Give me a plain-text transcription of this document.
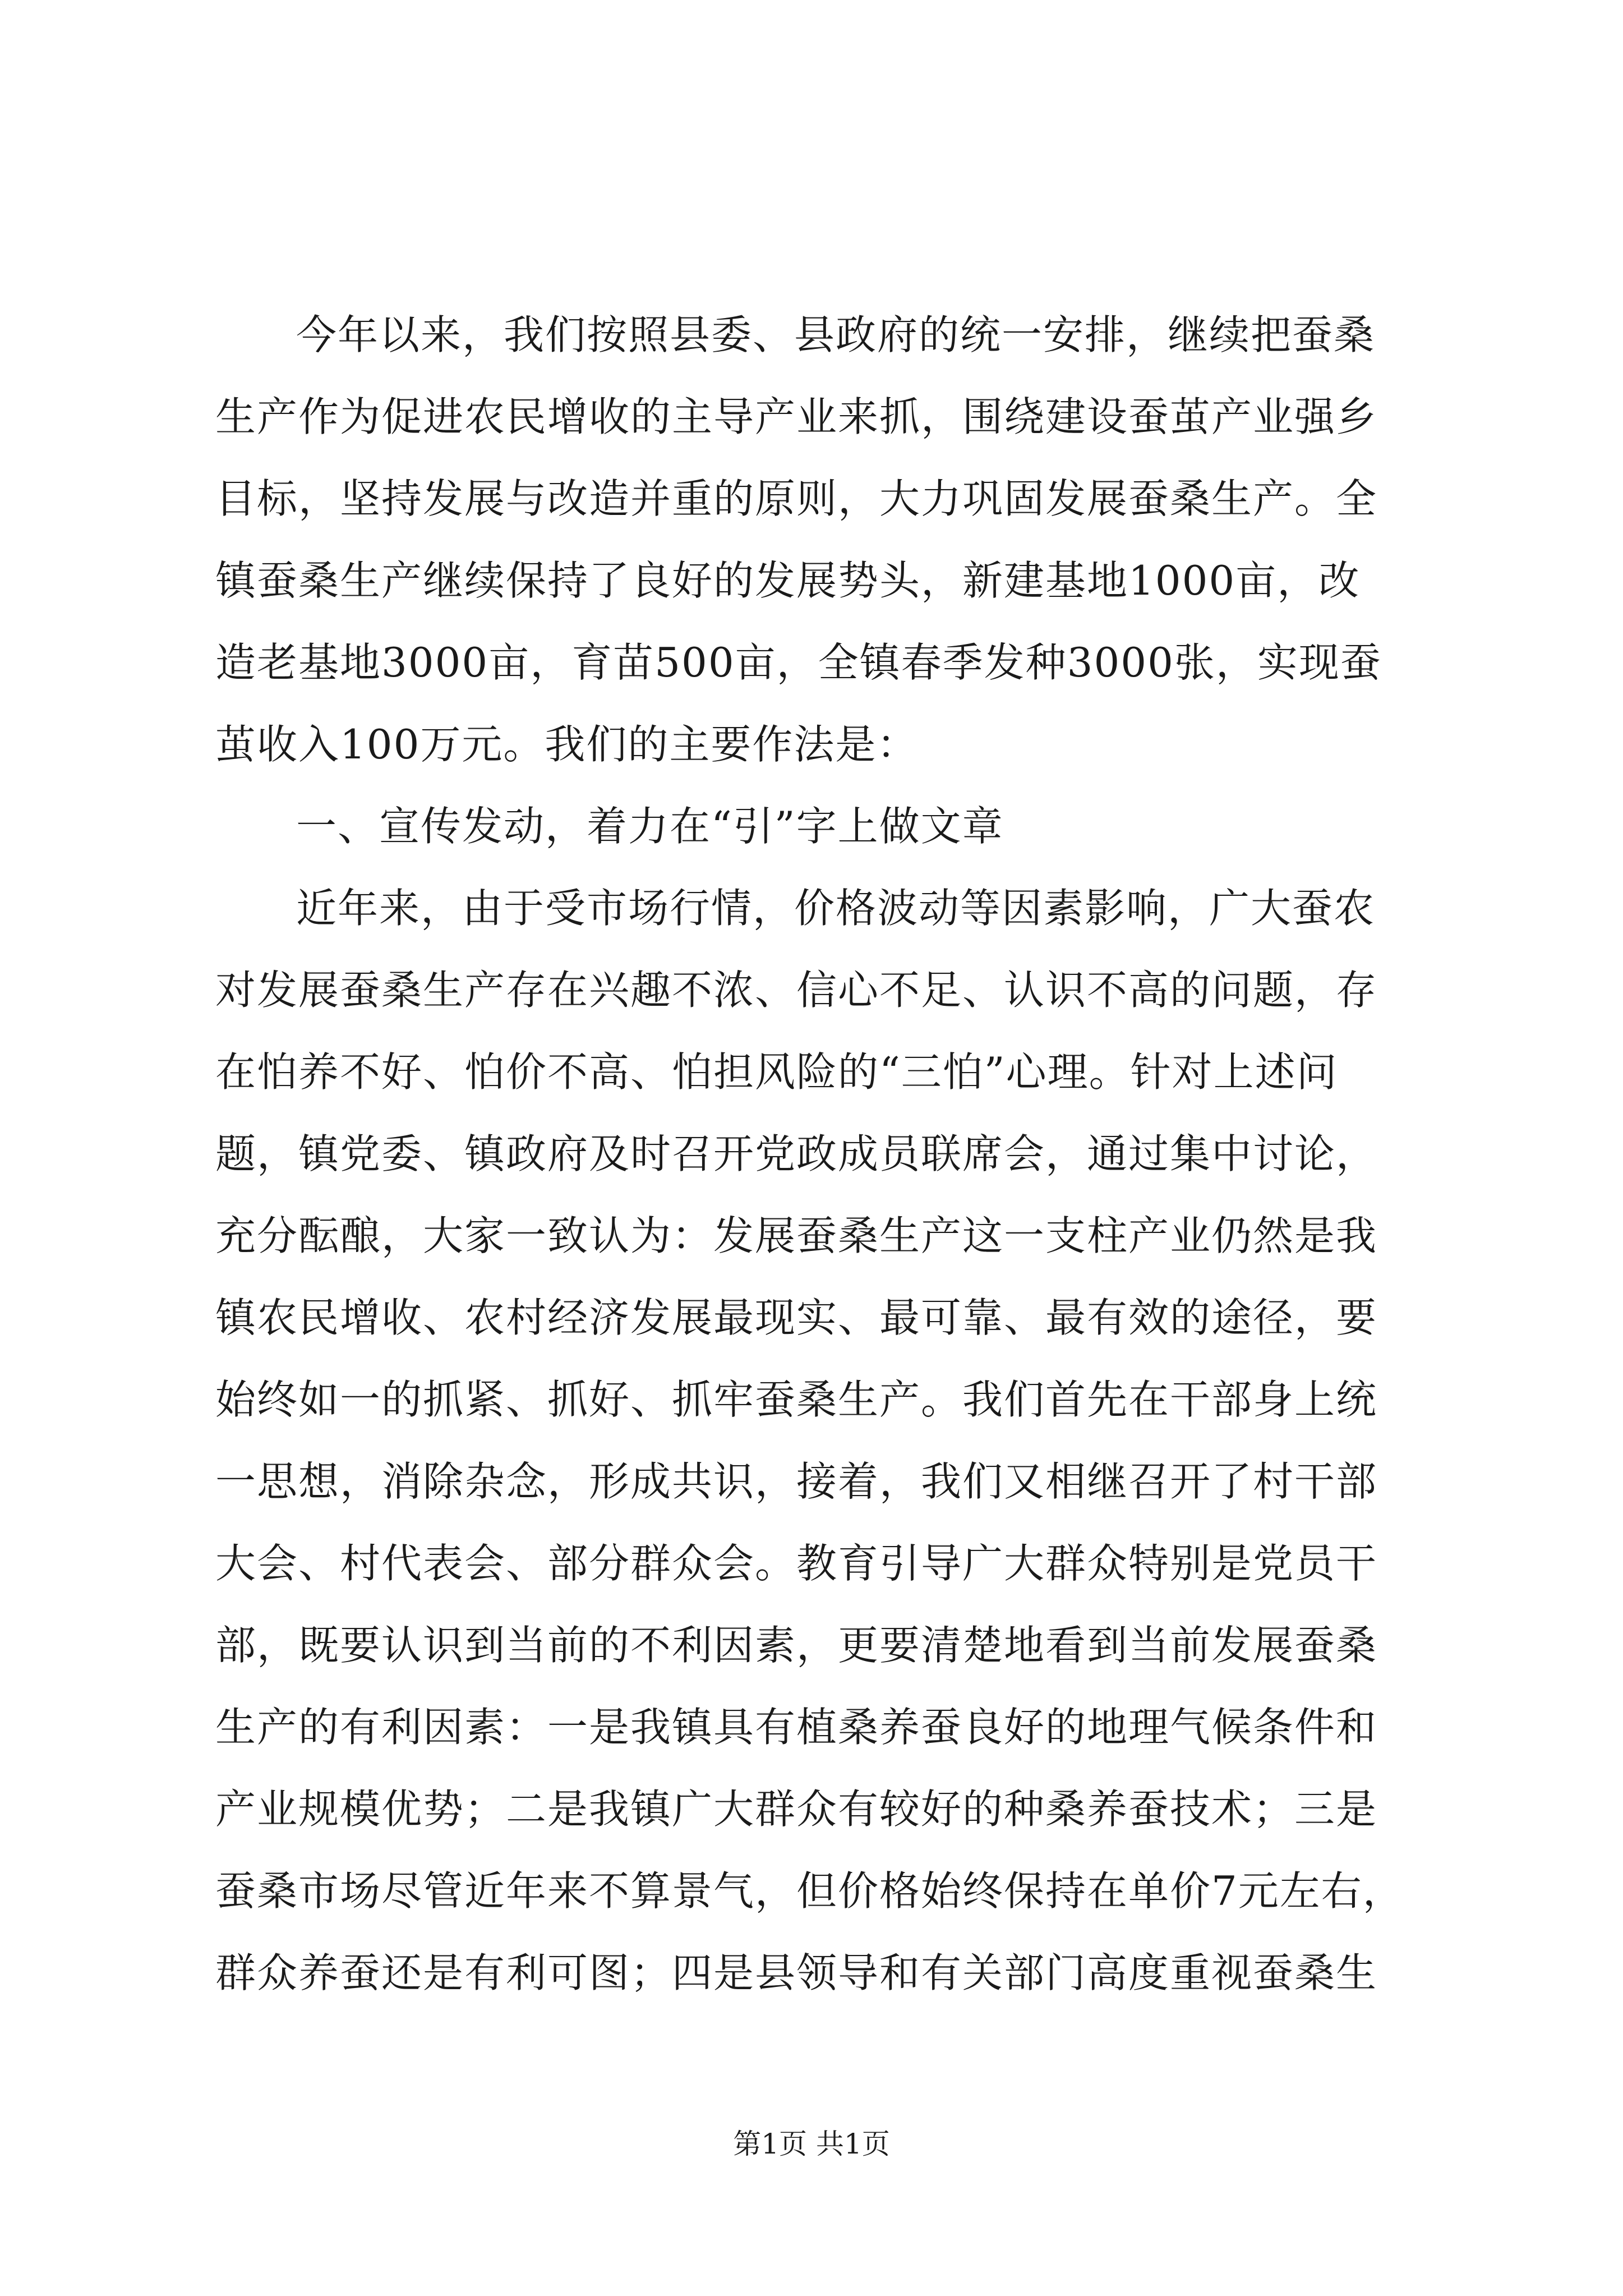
今年以来，我们按照县委、县政府的统一安排，继续把蚕桑
生产作为促进农民增收的主导产业来抓，围绕建设蚕茧产业强乡
目标，坚持发展与改造并重的原则，大力巩固发展蚕桑生产。全
镇蚕桑生产继续保持了良好的发展势头，新建基地1000亩，改
造老基地3000亩，育苗500亩，全镇春季发种3000张，实现蚕
茧收入100万元。我们的主要作法是：
一、宣传发动，着力在“引”字上做文章
近年来，由于受市场行情，价格波动等因素影响，广大蚕农
对发展蚕桑生产存在兴趣不浓、信心不足、认识不高的问题，存
在怕养不好、怕价不高、怕担风险的“三怕”心理。针对上述问
题，镇党委、镇政府及时召开党政成员联席会，通过集中讨论，
充分酝酿，大家一致认为：发展蚕桑生产这一支柱产业仍然是我
镇农民增收、农村经济发展最现实、最可靠、最有效的途径，要
始终如一的抓紧、抓好、抓牢蚕桑生产。我们首先在干部身上统
一思想，消除杂念，形成共识，接着，我们又相继召开了村干部
大会、村代表会、部分群众会。教育引导广大群众特别是党员干
部，既要认识到当前的不利因素，更要清楚地看到当前发展蚕桑
生产的有利因素：一是我镇具有植桑养蚕良好的地理气候条件和
产业规模优势；二是我镇广大群众有较好的种桑养蚕技术；三是
蚕桑市场尽管近年来不算景气，但价格始终保持在单价7元左右，
群众养蚕还是有利可图；四是县领导和有关部门高度重视蚕桑生
第1页 共1页
